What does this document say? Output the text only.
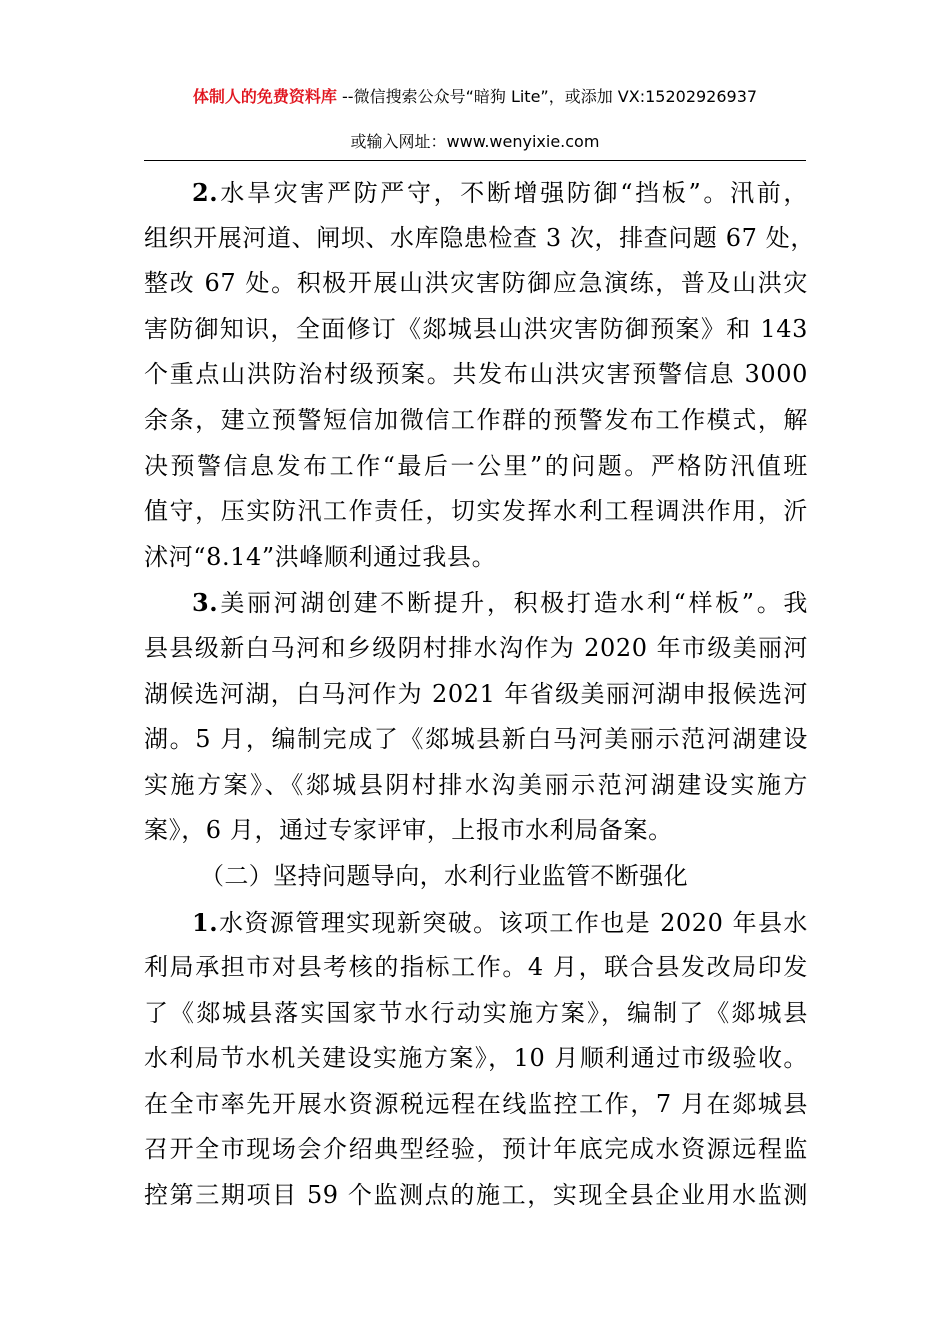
体制人的免费资料库 --微信搜索公众号“暗狗 Lite”，或添加 VX:15202926937
或输入网址：www.wenyixie.com
2.水旱灾害严防严守，不断增强防御“挡板”。汛前，
组织开展河道、闸坝、水库隐患检查 3 次，排查问题 67 处，
整改 67 处。积极开展山洪灾害防御应急演练，普及山洪灾
害防御知识，全面修订《郯城县山洪灾害防御预案》和 143
个重点山洪防治村级预案。共发布山洪灾害预警信息 3000
余条，建立预警短信加微信工作群的预警发布工作模式，解
决预警信息发布工作“最后一公里”的问题。严格防汛值班
值守，压实防汛工作责任，切实发挥水利工程调洪作用，沂
沭河“8.14”洪峰顺利通过我县。
3.美丽河湖创建不断提升，积极打造水利“样板”。我
县县级新白马河和乡级阴村排水沟作为 2020 年市级美丽河
湖候选河湖，白马河作为 2021 年省级美丽河湖申报候选河
湖。5 月，编制完成了《郯城县新白马河美丽示范河湖建设
实施方案》、《郯城县阴村排水沟美丽示范河湖建设实施方
案》，6 月，通过专家评审，上报市水利局备案。
（二）坚持问题导向，水利行业监管不断强化
1.水资源管理实现新突破。该项工作也是 2020 年县水
利局承担市对县考核的指标工作。4 月，联合县发改局印发
了《郯城县落实国家节水行动实施方案》，编制了《郯城县
水利局节水机关建设实施方案》，10 月顺利通过市级验收。
在全市率先开展水资源税远程在线监控工作，7 月在郯城县
召开全市现场会介绍典型经验，预计年底完成水资源远程监
控第三期项目 59 个监测点的施工，实现全县企业用水监测
